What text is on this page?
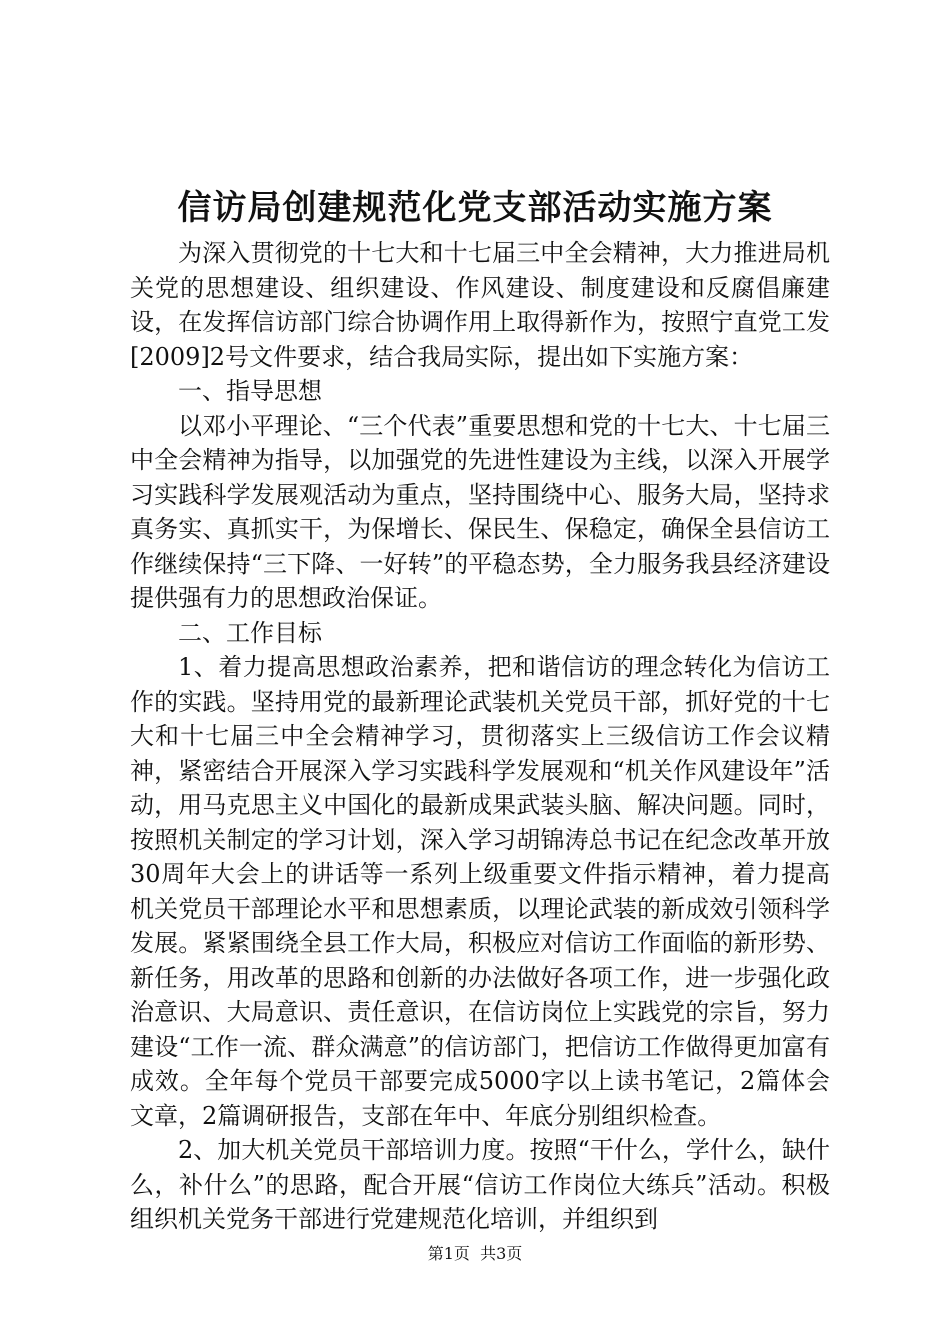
信访局创建规范化党支部活动实施方案

为深入贯彻党的十七大和十七届三中全会精神，大力推进局机关党的思想建设、组织建设、作风建设、制度建设和反腐倡廉建设，在发挥信访部门综合协调作用上取得新作为，按照宁直党工发[2009]2号文件要求，结合我局实际，提出如下实施方案：

一、指导思想

以邓小平理论、“三个代表”重要思想和党的十七大、十七届三中全会精神为指导，以加强党的先进性建设为主线，以深入开展学习实践科学发展观活动为重点，坚持围绕中心、服务大局，坚持求真务实、真抓实干，为保增长、保民生、保稳定，确保全县信访工作继续保持“三下降、一好转”的平稳态势，全力服务我县经济建设提供强有力的思想政治保证。

二、工作目标

1、着力提高思想政治素养，把和谐信访的理念转化为信访工作的实践。坚持用党的最新理论武装机关党员干部，抓好党的十七大和十七届三中全会精神学习，贯彻落实上三级信访工作会议精神，紧密结合开展深入学习实践科学发展观和“机关作风建设年”活动，用马克思主义中国化的最新成果武装头脑、解决问题。同时，按照机关制定的学习计划，深入学习胡锦涛总书记在纪念改革开放30周年大会上的讲话等一系列上级重要文件指示精神，着力提高机关党员干部理论水平和思想素质，以理论武装的新成效引领科学发展。紧紧围绕全县工作大局，积极应对信访工作面临的新形势、新任务，用改革的思路和创新的办法做好各项工作，进一步强化政治意识、大局意识、责任意识，在信访岗位上实践党的宗旨，努力建设“工作一流、群众满意”的信访部门，把信访工作做得更加富有成效。全年每个党员干部要完成5000字以上读书笔记，2篇体会文章，2篇调研报告，支部在年中、年底分别组织检查。

2、加大机关党员干部培训力度。按照“干什么，学什么，缺什么，补什么”的思路，配合开展“信访工作岗位大练兵”活动。积极组织机关党务干部进行党建规范化培训，并组织到

第1页  共3页
